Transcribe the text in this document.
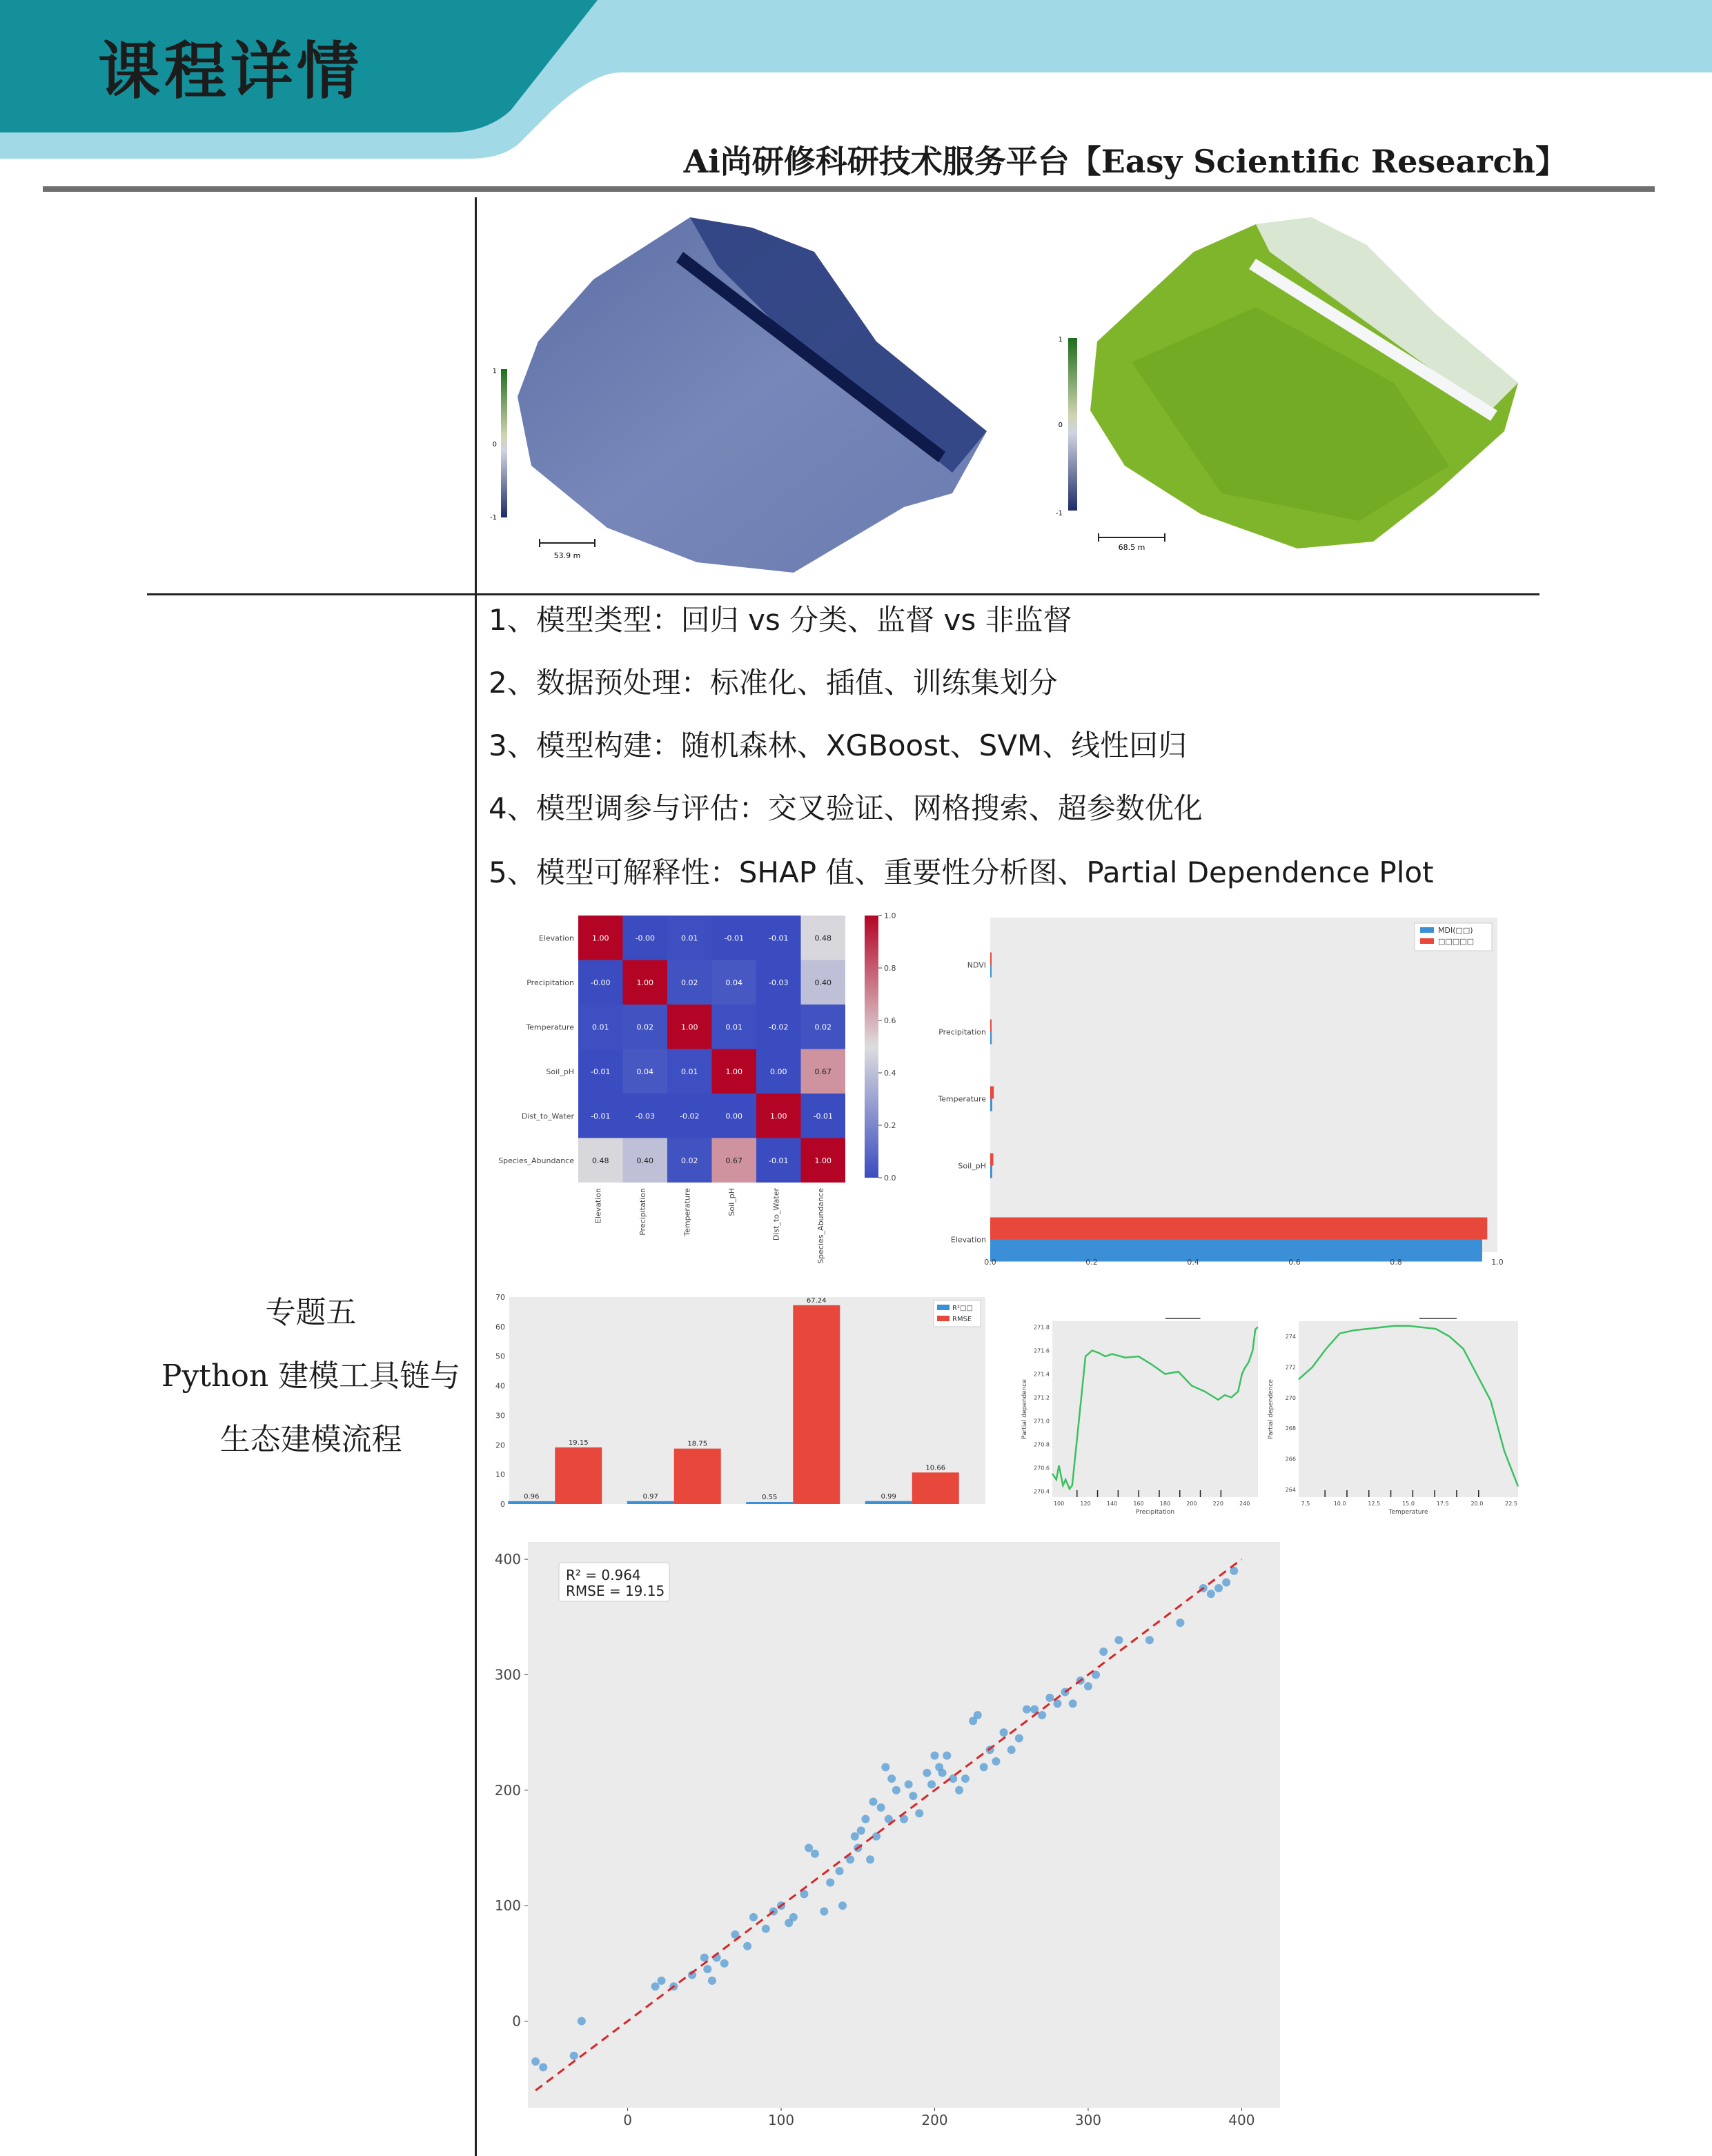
课程详情
Ai尚研修科研技术服务平台【Easy Scientific Research】
专题五
Python 建模工具链与
生态建模流程
1、模型类型：回归 vs 分类、监督 vs 非监督
2、数据预处理：标准化、插值、训练集划分
3、模型构建：随机森林、XGBoost、SVM、线性回归
4、模型调参与评估：交叉验证、网格搜索、超参数优化
5、模型可解释性：SHAP 值、重要性分析图、Partial Dependence Plot
1
0
-1
53.9 m
1
0
-1
68.5 m
1.00	-0.00	0.01	-0.01	-0.01	0.48
Elevation
Elevation
-0.00	1.00	0.02	0.04	-0.03	0.40
Precipitation
Precipitation
0.01	0.02	1.00	0.01	-0.02	0.02
Temperature
Temperature
-0.01	0.04	0.01	1.00	0.00	0.67
Soil_pH
Soil_pH
-0.01	-0.03	-0.02	0.00	1.00	-0.01
Dist_to_Water
Dist_to_Water
0.48	0.40	0.02	0.67	-0.01	1.00
Species_Abundance
Species_Abundance
1.0
0.8
0.6
0.4
0.2
0.0
NDVI
Precipitation
Temperature
Soil_pH
Elevation
0.0	0.2	0.4	0.6	0.8	1.0
MDI(□□)
□□□□□
0
10
20
30
40
50
60
70
0.96
19.15
0.97
18.75
0.55
67.24
0.99
10.66
R²□□
RMSE
270.4
270.6
270.8
271.0
271.2
271.4
271.6
271.8
100	120	140	160	180	200	220	240
Precipitation
Partial dependence
264
266
268
270
272
274
7.5	10.0	12.5	15.0	17.5	20.0	22.5
Temperature
Partial dependence
0	100	200	300	400
0
100
200
300
400
R² = 0.964
RMSE = 19.15
